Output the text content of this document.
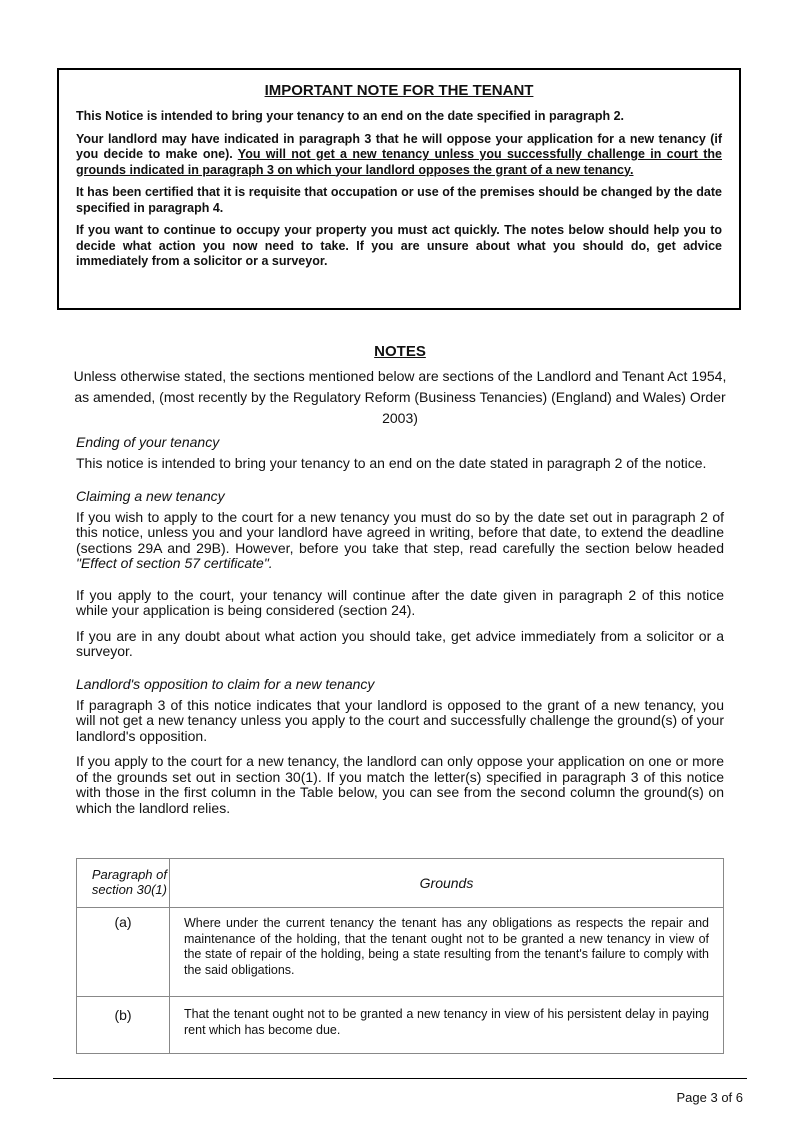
IMPORTANT NOTE FOR THE TENANT

This Notice is intended to bring your tenancy to an end on the date specified in paragraph 2.

Your landlord may have indicated in paragraph 3 that he will oppose your application for a new tenancy (if you decide to make one). You will not get a new tenancy unless you successfully challenge in court the grounds indicated in paragraph 3 on which your landlord opposes the grant of a new tenancy.

It has been certified that it is requisite that occupation or use of the premises should be changed by the date specified in paragraph 4.

If you want to continue to occupy your property you must act quickly. The notes below should help you to decide what action you now need to take. If you are unsure about what you should do, get advice immediately from a solicitor or a surveyor.

NOTES
Unless otherwise stated, the sections mentioned below are sections of the Landlord and Tenant Act 1954, as amended, (most recently by the Regulatory Reform (Business Tenancies) (England) and Wales) Order 2003)
Ending of your tenancy

This notice is intended to bring your tenancy to an end on the date stated in paragraph 2 of the notice.

Claiming a new tenancy

If you wish to apply to the court for a new tenancy you must do so by the date set out in paragraph 2 of this notice, unless you and your landlord have agreed in writing, before that date, to extend the deadline (sections 29A and 29B). However, before you take that step, read carefully the section below headed "Effect of section 57 certificate".

If you apply to the court, your tenancy will continue after the date given in paragraph 2 of this notice while your application is being considered (section 24).

If you are in any doubt about what action you should take, get advice immediately from a solicitor or a surveyor.

Landlord's opposition to claim for a new tenancy

If paragraph 3 of this notice indicates that your landlord is opposed to the grant of a new tenancy, you will not get a new tenancy unless you apply to the court and successfully challenge the ground(s) of your landlord's opposition.

If you apply to the court for a new tenancy, the landlord can only oppose your application on one or more of the grounds set out in section 30(1). If you match the letter(s) specified in paragraph 3 of this notice with those in the first column in the Table below, you can see from the second column the ground(s) on which the landlord relies.

Paragraph of section 30(1)	Grounds
(a)	Where under the current tenancy the tenant has any obligations as respects the repair and maintenance of the holding, that the tenant ought not to be granted a new tenancy in view of the state of repair of the holding, being a state resulting from the tenant's failure to comply with the said obligations.
(b)	That the tenant ought not to be granted a new tenancy in view of his persistent delay in paying rent which has become due.
Page 3 of 6
